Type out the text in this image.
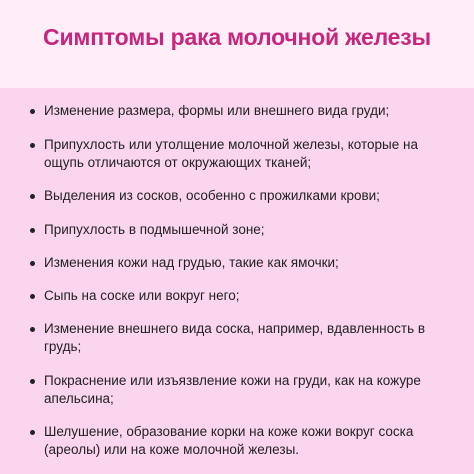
Симптомы рака молочной железы
Изменение размера, формы или внешнего вида груди;
Припухлость или утолщение молочной железы, которые на ощупь отличаются от окружающих тканей;
Выделения из сосков, особенно с прожилками крови;
Припухлость в подмышечной зоне;
Изменения кожи над грудью, такие как ямочки;
Сыпь на соске или вокруг него;
Изменение внешнего вида соска, например, вдавленность в грудь;
Покраснение или изъязвление кожи на груди, как на кожуре апельсина;
Шелушение, образование корки на коже кожи вокруг соска (ареолы) или на коже молочной железы.
